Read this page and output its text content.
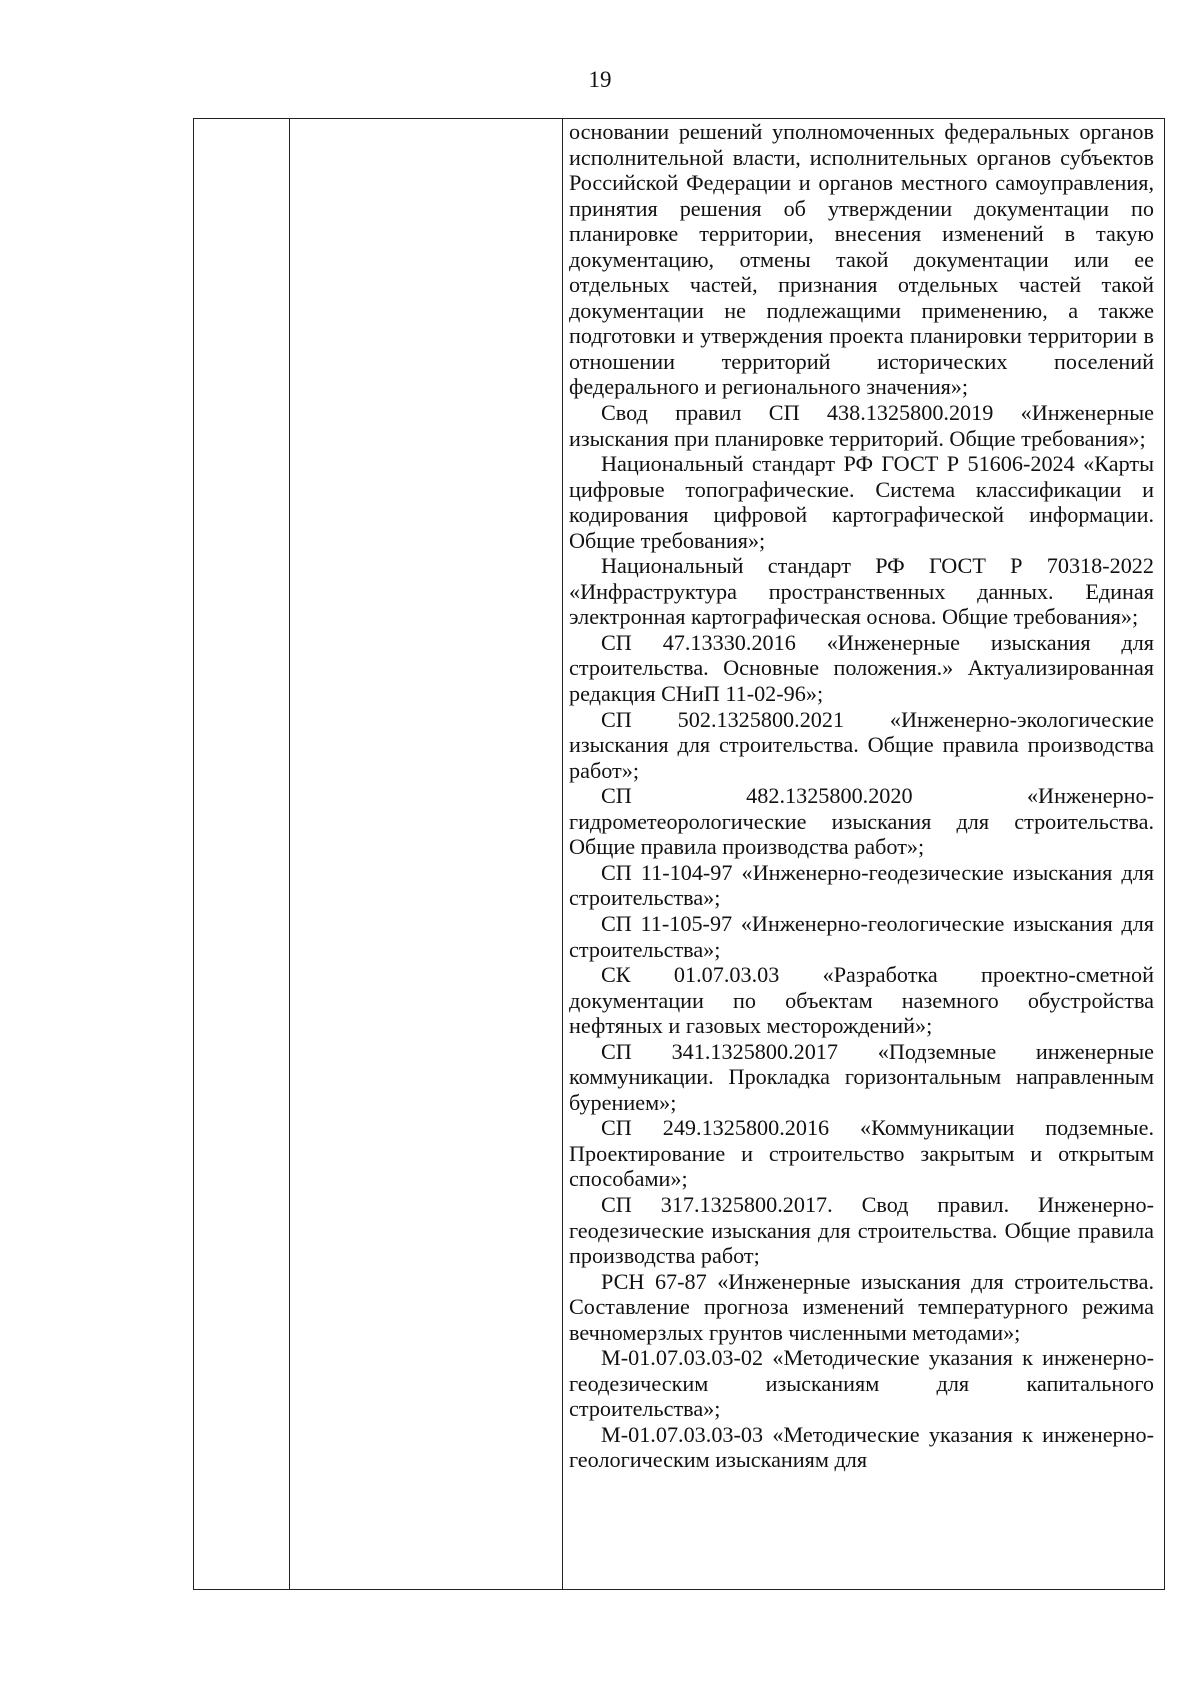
19

основании решений уполномоченных федеральных органов исполнительной власти, исполнительных органов субъектов Российской Федерации и органов местного самоуправления, принятия решения об утверждении документации по планировке территории, внесения изменений в такую документацию, отмены такой документации или ее отдельных частей, признания отдельных частей такой документации не подлежащими применению, а также подготовки и утверждения проекта планировки территории в отношении территорий исторических поселений федерального и регионального значения»;

Свод правил СП 438.1325800.2019 «Инженерные изыскания при планировке территорий. Общие требования»;

Национальный стандарт РФ ГОСТ Р 51606-2024 «Карты цифровые топографические. Система классификации и кодирования цифровой картографической информации. Общие требования»;

Национальный стандарт РФ ГОСТ Р 70318-2022 «Инфраструктура пространственных данных. Единая электронная картографическая основа. Общие требования»;

СП 47.13330.2016 «Инженерные изыскания для строительства. Основные положения.» Актуализированная редакция СНиП 11-02-96»;

СП 502.1325800.2021 «Инженерно-экологические изыскания для строительства. Общие правила производства работ»;

СП 482.1325800.2020 «Инженерно-гидрометеорологические изыскания для строительства. Общие правила производства работ»;

СП 11-104-97 «Инженерно-геодезические изыскания для строительства»;

СП 11-105-97 «Инженерно-геологические изыскания для строительства»;

СК 01.07.03.03 «Разработка проектно-сметной документации по объектам наземного обустройства нефтяных и газовых месторождений»;

СП 341.1325800.2017 «Подземные инженерные коммуникации. Прокладка горизонтальным направленным бурением»;

СП 249.1325800.2016 «Коммуникации подземные. Проектирование и строительство закрытым и открытым способами»;

СП 317.1325800.2017. Свод правил. Инженерно-геодезические изыскания для строительства. Общие правила производства работ;

РСН 67-87 «Инженерные изыскания для строительства. Составление прогноза изменений температурного режима вечномерзлых грунтов численными методами»;

М-01.07.03.03-02 «Методические указания к инженерно-геодезическим изысканиям для капитального строительства»;

М-01.07.03.03-03 «Методические указания к инженерно-геологическим изысканиям для
